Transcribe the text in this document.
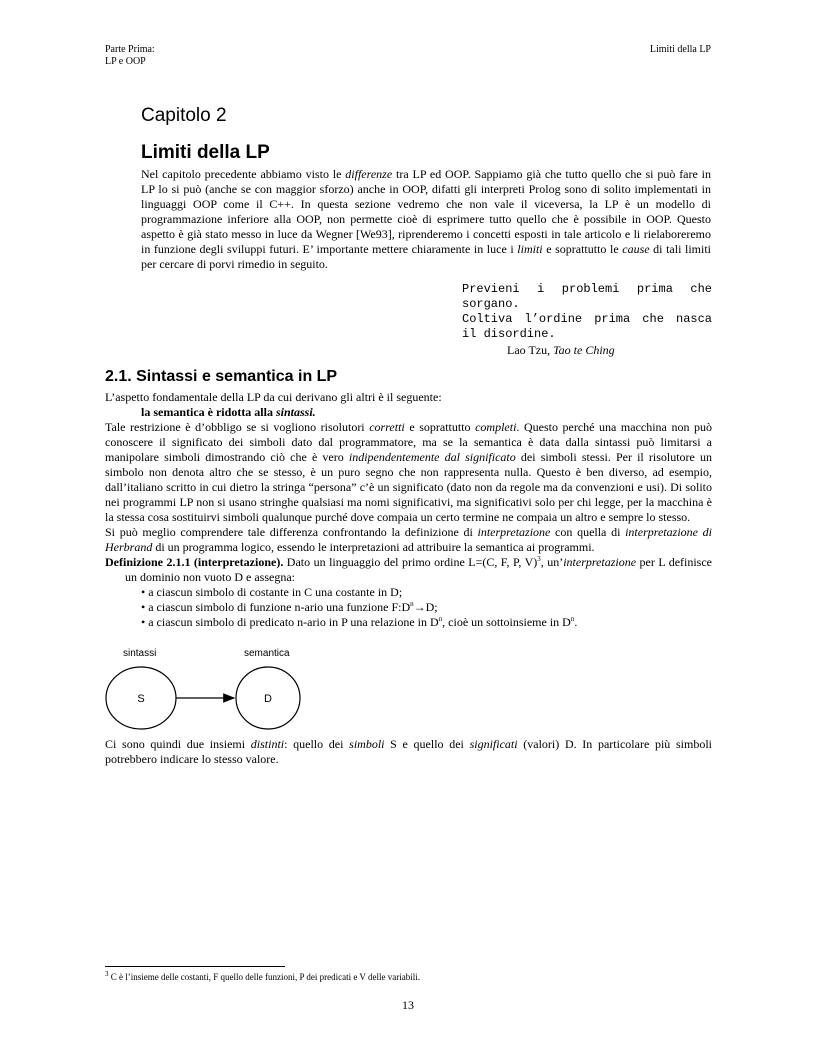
Parte Prima:
LP e OOP
Limiti della LP
Capitolo 2
Limiti della LP

Nel capitolo precedente abbiamo visto le differenze tra LP ed OOP. Sappiamo già che tutto quello che si può fare in LP lo si può (anche se con maggior sforzo) anche in OOP, difatti gli interpreti Prolog sono di solito implementati in linguaggi OOP come il C++. In questa sezione vedremo che non vale il viceversa, la LP è un modello di programmazione inferiore alla OOP, non permette cioè di esprimere tutto quello che è possibile in OOP. Questo aspetto è già stato messo in luce da Wegner [We93], riprenderemo i concetti esposti in tale articolo e li rielaboreremo in funzione degli sviluppi futuri. E’ importante mettere chiaramente in luce i limiti e soprattutto le cause di tali limiti per cercare di porvi rimedio in seguito.

Previeni i problemi prima che
sorgano.
Coltiva l’ordine prima che nasca
il disordine.
Lao Tzu, Tao te Ching
2.1. Sintassi e semantica in LP

L’aspetto fondamentale della LP da cui derivano gli altri è il seguente:

la semantica è ridotta alla sintassi.

Tale restrizione è d’obbligo se si vogliono risolutori corretti e soprattutto completi. Questo perché una macchina non può conoscere il significato dei simboli dato dal programmatore, ma se la semantica è data dalla sintassi può limitarsi a manipolare simboli dimostrando ciò che è vero indipendentemente dal significato dei simboli stessi. Per il risolutore un simbolo non denota altro che se stesso, è un puro segno che non rappresenta nulla. Questo è ben diverso, ad esempio, dall’italiano scritto in cui dietro la stringa “persona” c’è un significato (dato non da regole ma da convenzioni e usi). Di solito nei programmi LP non si usano stringhe qualsiasi ma nomi significativi, ma significativi solo per chi legge, per la macchina è la stessa cosa sostituirvi simboli qualunque purché dove compaia un certo termine ne compaia un altro e sempre lo stesso.

Si può meglio comprendere tale differenza confrontando la definizione di interpretazione con quella di interpretazione di Herbrand di un programma logico, essendo le interpretazioni ad attribuire la semantica ai programmi.

Definizione 2.1.1 (interpretazione). Dato un linguaggio del primo ordine L=(C, F, P, V)$^3$, un’interpretazione per L definisce un dominio non vuoto D e assegna:

• a ciascun simbolo di costante in C una costante in D;

• a ciascun simbolo di funzione n-ario una funzione $F:D^n\to D$;

• a ciascun simbolo di predicato n-ario in P una relazione in $D^n$, cioè un sottoinsieme in $D^n$.

sintassi	semantica
S	D

Ci sono quindi due insiemi distinti: quello dei simboli S e quello dei significati (valori) D. In particolare più simboli potrebbero indicare lo stesso valore.

$^3$ C è l’insieme delle costanti, F quello delle funzioni, P dei predicati e V delle variabili.
13
